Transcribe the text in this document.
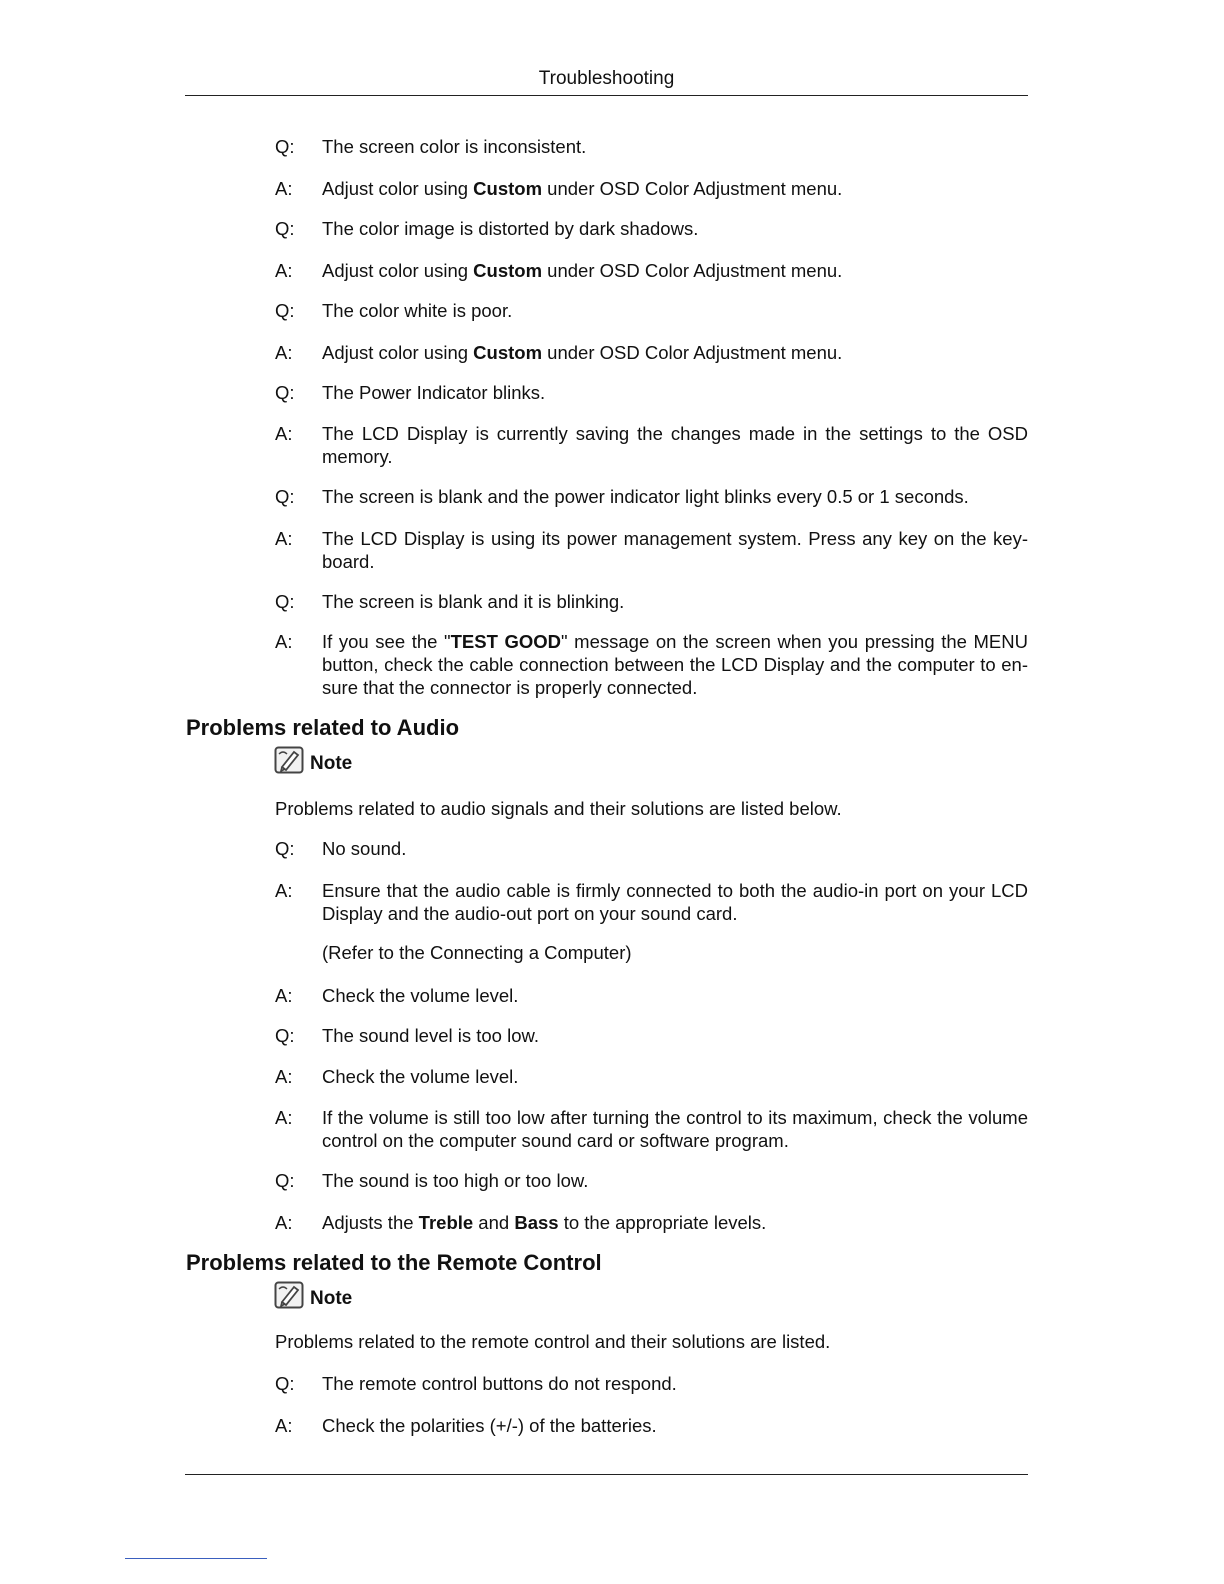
Troubleshooting
Q:	The screen color is inconsistent.
A:	Adjust color using Custom under OSD Color Adjustment menu.
Q:	The color image is distorted by dark shadows.
A:	Adjust color using Custom under OSD Color Adjustment menu.
Q:	The color white is poor.
A:	Adjust color using Custom under OSD Color Adjustment menu.
Q:	The Power Indicator blinks.
A:	The LCD Display is currently saving the changes made in the settings to the OSD memory.
Q:	The screen is blank and the power indicator light blinks every 0.5 or 1 seconds.
A:	The LCD Display is using its power management system. Press any key on the key-board.
Q:	The screen is blank and it is blinking.
A:	If you see the "TEST GOOD" message on the screen when you pressing the MENU button, check the cable connection between the LCD Display and the computer to en-sure that the connector is properly connected.
Problems related to Audio
Note
Problems related to audio signals and their solutions are listed below.
Q:	No sound.
A:	Ensure that the audio cable is firmly connected to both the audio-in port on your LCD Display and the audio-out port on your sound card.
(Refer to the Connecting a Computer)
A:	Check the volume level.
Q:	The sound level is too low.
A:	Check the volume level.
A:	If the volume is still too low after turning the control to its maximum, check the volume control on the computer sound card or software program.
Q:	The sound is too high or too low.
A:	Adjusts the Treble and Bass to the appropriate levels.
Problems related to the Remote Control
Note
Problems related to the remote control and their solutions are listed.
Q:	The remote control buttons do not respond.
A:	Check the polarities (+/-) of the batteries.
